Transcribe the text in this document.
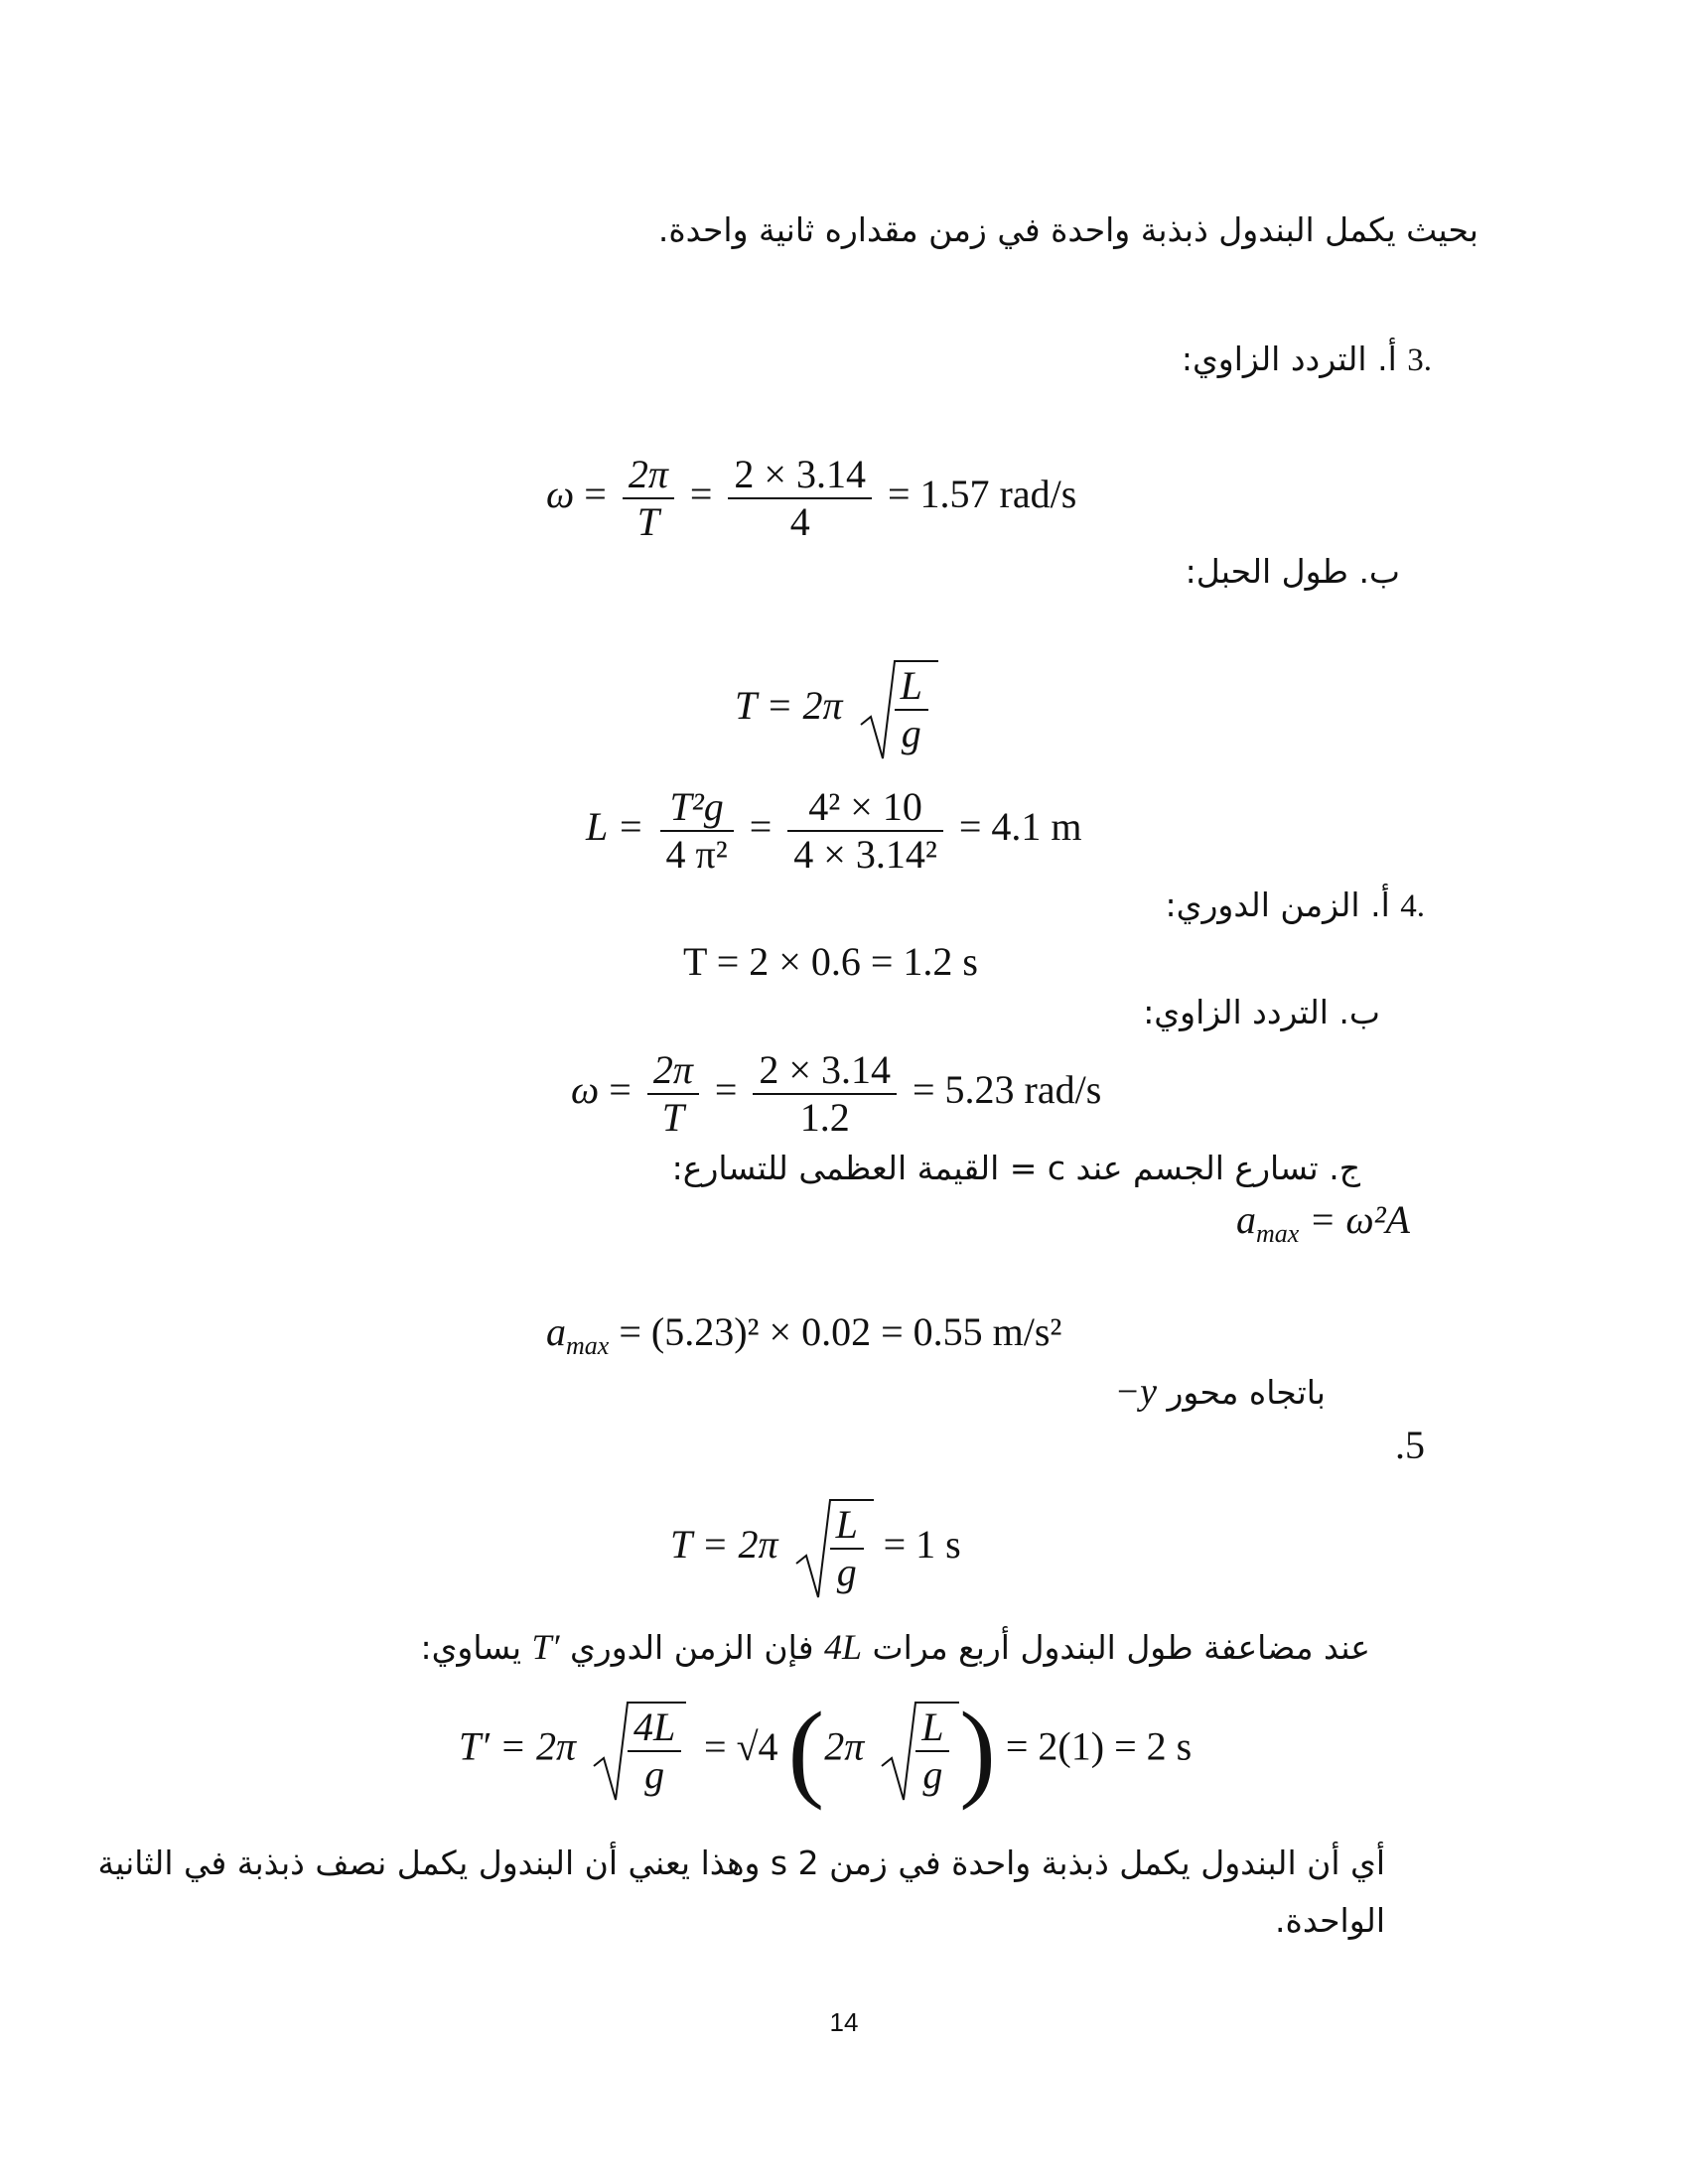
بحيث يكمل البندول ذبذبة واحدة في زمن مقداره ثانية واحدة.
3. أ. التردد الزاوي:
$\omega = \frac{2\pi}{T} = \frac{2 \times 3.14}{4} = 1.57$ rad/s
ب. طول الحبل:
$T = 2\pi \frac{L}{g}$
$L = \frac{\text{T²g}}{\text{4 π²}} = \frac{\text{4² × 10}}{\text{4 × 3.14²}} = 4.1$ m
4. أ. الزمن الدوري:
T = 2 × 0.6 = 1.2 s
ب. التردد الزاوي:
$\omega = \frac{2\pi}{T} = \frac{2 \times 3.14}{1.2} = 5.23$ rad/s
ج. تسارع الجسم عند c = القيمة العظمى للتسارع:
$a_{max} = \omega^2A$
$a_{max} = (5.23)^2 \times 0.02 = 0.55$ m/s²
باتجاه محور −y
.5
$T = 2\pi \frac{L}{g} = 1$ s
عند مضاعفة طول البندول أربع مرات 4L فإن الزمن الدوري T′ يساوي:
$T' = 2\pi \frac{4L}{g} = √4$ ($2\pi \frac{L}{g}$ ) = 2(1) = 2 s
أي أن البندول يكمل ذبذبة واحدة في زمن 2 s وهذا يعني أن البندول يكمل نصف ذبذبة في الثانية
الواحدة.
14
